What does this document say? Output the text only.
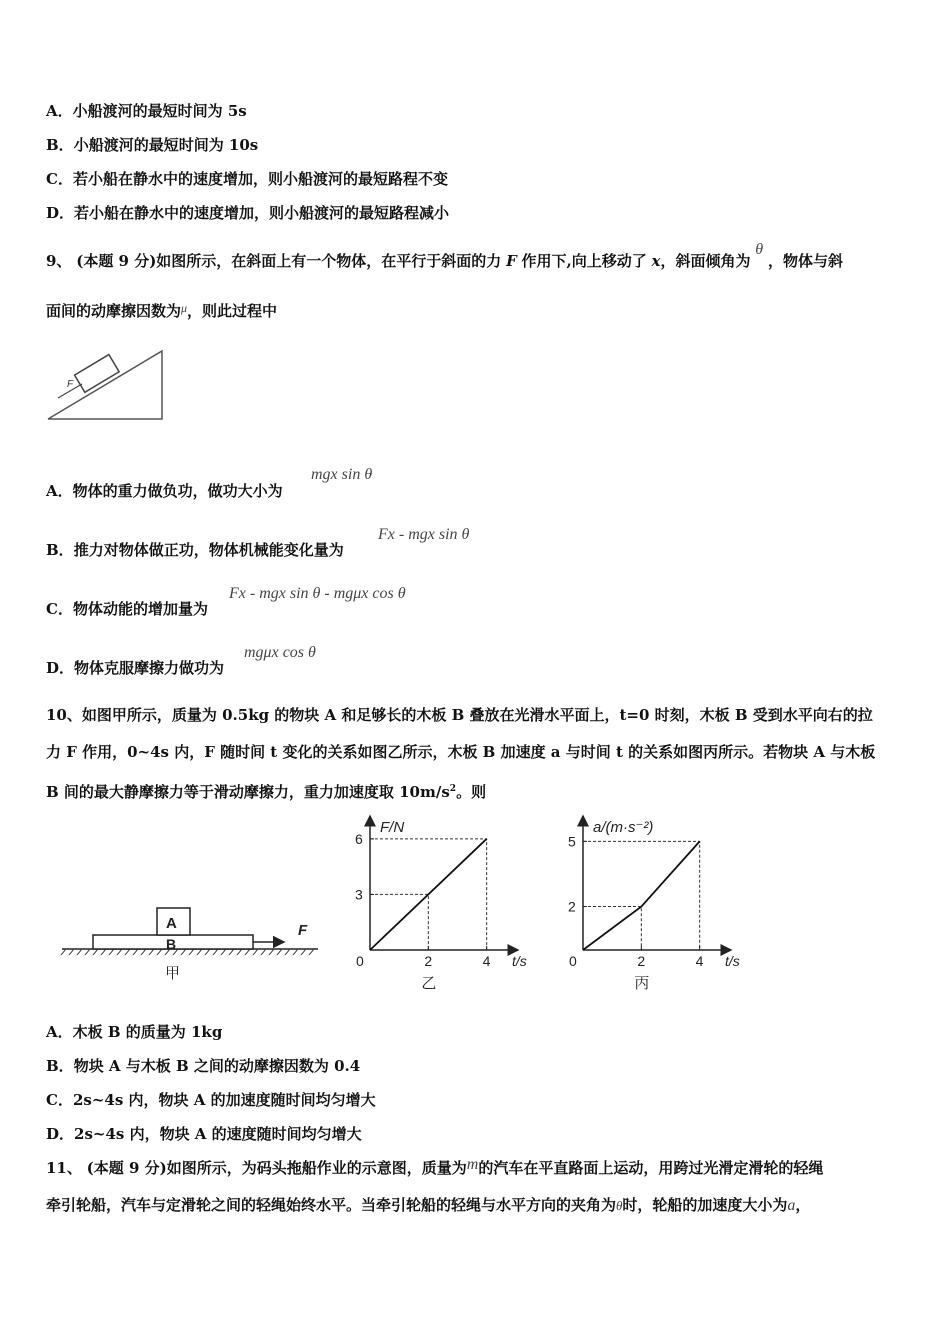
A．小船渡河的最短时间为 5s
B．小船渡河的最短时间为 10s
C．若小船在静水中的速度增加，则小船渡河的最短路程不变
D．若小船在静水中的速度增加，则小船渡河的最短路程减小
9、 (本题 9 分)如图所示，在斜面上有一个物体，在平行于斜面的力 F 作用下,向上移动了 x，斜面倾角为 θ ，物体与斜
面间的动摩擦因数为$^\mu$，则此过程中
F
A．物体的重力做负功，做功大小为
mgx sin θ
B．推力对物体做正功，物体机械能变化量为
Fx - mgx sin θ
C．物体动能的增加量为
Fx - mgx sin θ - mgμx cos θ
D．物体克服摩擦力做功为
mgμx cos θ
10、如图甲所示，质量为 0.5kg 的物块 A 和足够长的木板 B 叠放在光滑水平面上，t=0 时刻，木板 B 受到水平向右的拉
力 F 作用，0~4s 内，F 随时间 t 变化的关系如图乙所示，木板 B 加速度 a 与时间 t 的关系如图丙所示。若物块 A 与木板
B 间的最大静摩擦力等于滑动摩擦力，重力加速度取 $10m/s^2$。则
A
B
F
甲
0	2	4
3
6
F/N
t/s
乙
0	2	4
2
5
a/(m·s⁻²)
t/s
丙
A．木板 B 的质量为 1kg
B．物块 A 与木板 B 之间的动摩擦因数为 0.4
C．2s~4s 内，物块 A 的加速度随时间均匀增大
D．2s~4s 内，物块 A 的速度随时间均匀增大
11、 (本题 9 分)如图所示，为码头拖船作业的示意图，质量为m的汽车在平直路面上运动，用跨过光滑定滑轮的轻绳
牵引轮船，汽车与定滑轮之间的轻绳始终水平。当牵引轮船的轻绳与水平方向的夹角为θ时，轮船的加速度大小为a，
